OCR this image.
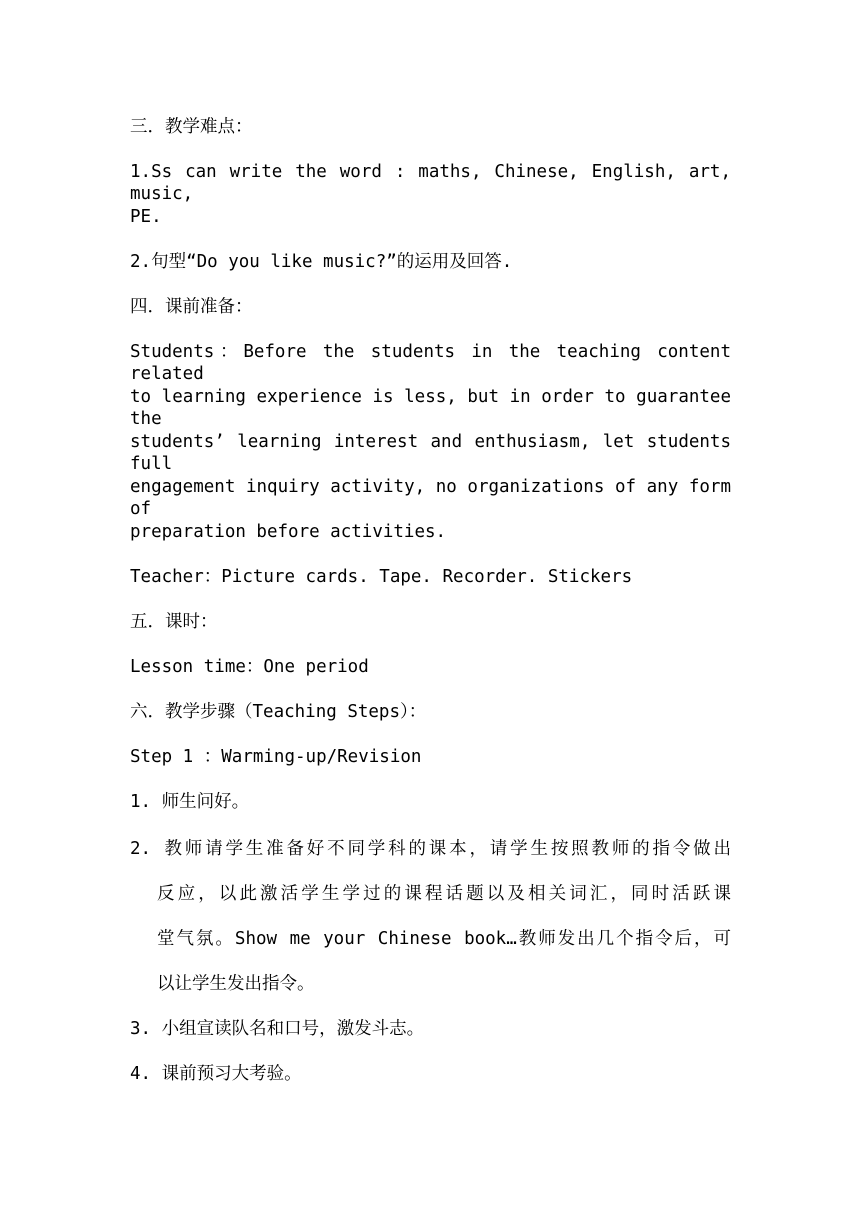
三．教学难点：
1.Ss can write the word : maths, Chinese, English, art, music,
PE.
2.句型“Do you like music?”的运用及回答.
四．课前准备：
Students：Before the students in the teaching content related
to learning experience is less, but in order to guarantee the
students’ learning interest and enthusiasm, let students full
engagement inquiry activity, no organizations of any form of
preparation before activities.
Teacher：Picture cards. Tape. Recorder. Stickers
五．课时：
Lesson time：One period
六．教学步骤（Teaching Steps）：
Step 1 ：Warming-up/Revision
1. 师生问好。
2. 教师请学生准备好不同学科的课本，请学生按照教师的指令做出
反应，以此激活学生学过的课程话题以及相关词汇，同时活跃课
堂气氛。Show me your Chinese book…教师发出几个指令后，可
以让学生发出指令。
3. 小组宣读队名和口号，激发斗志。
4. 课前预习大考验。
